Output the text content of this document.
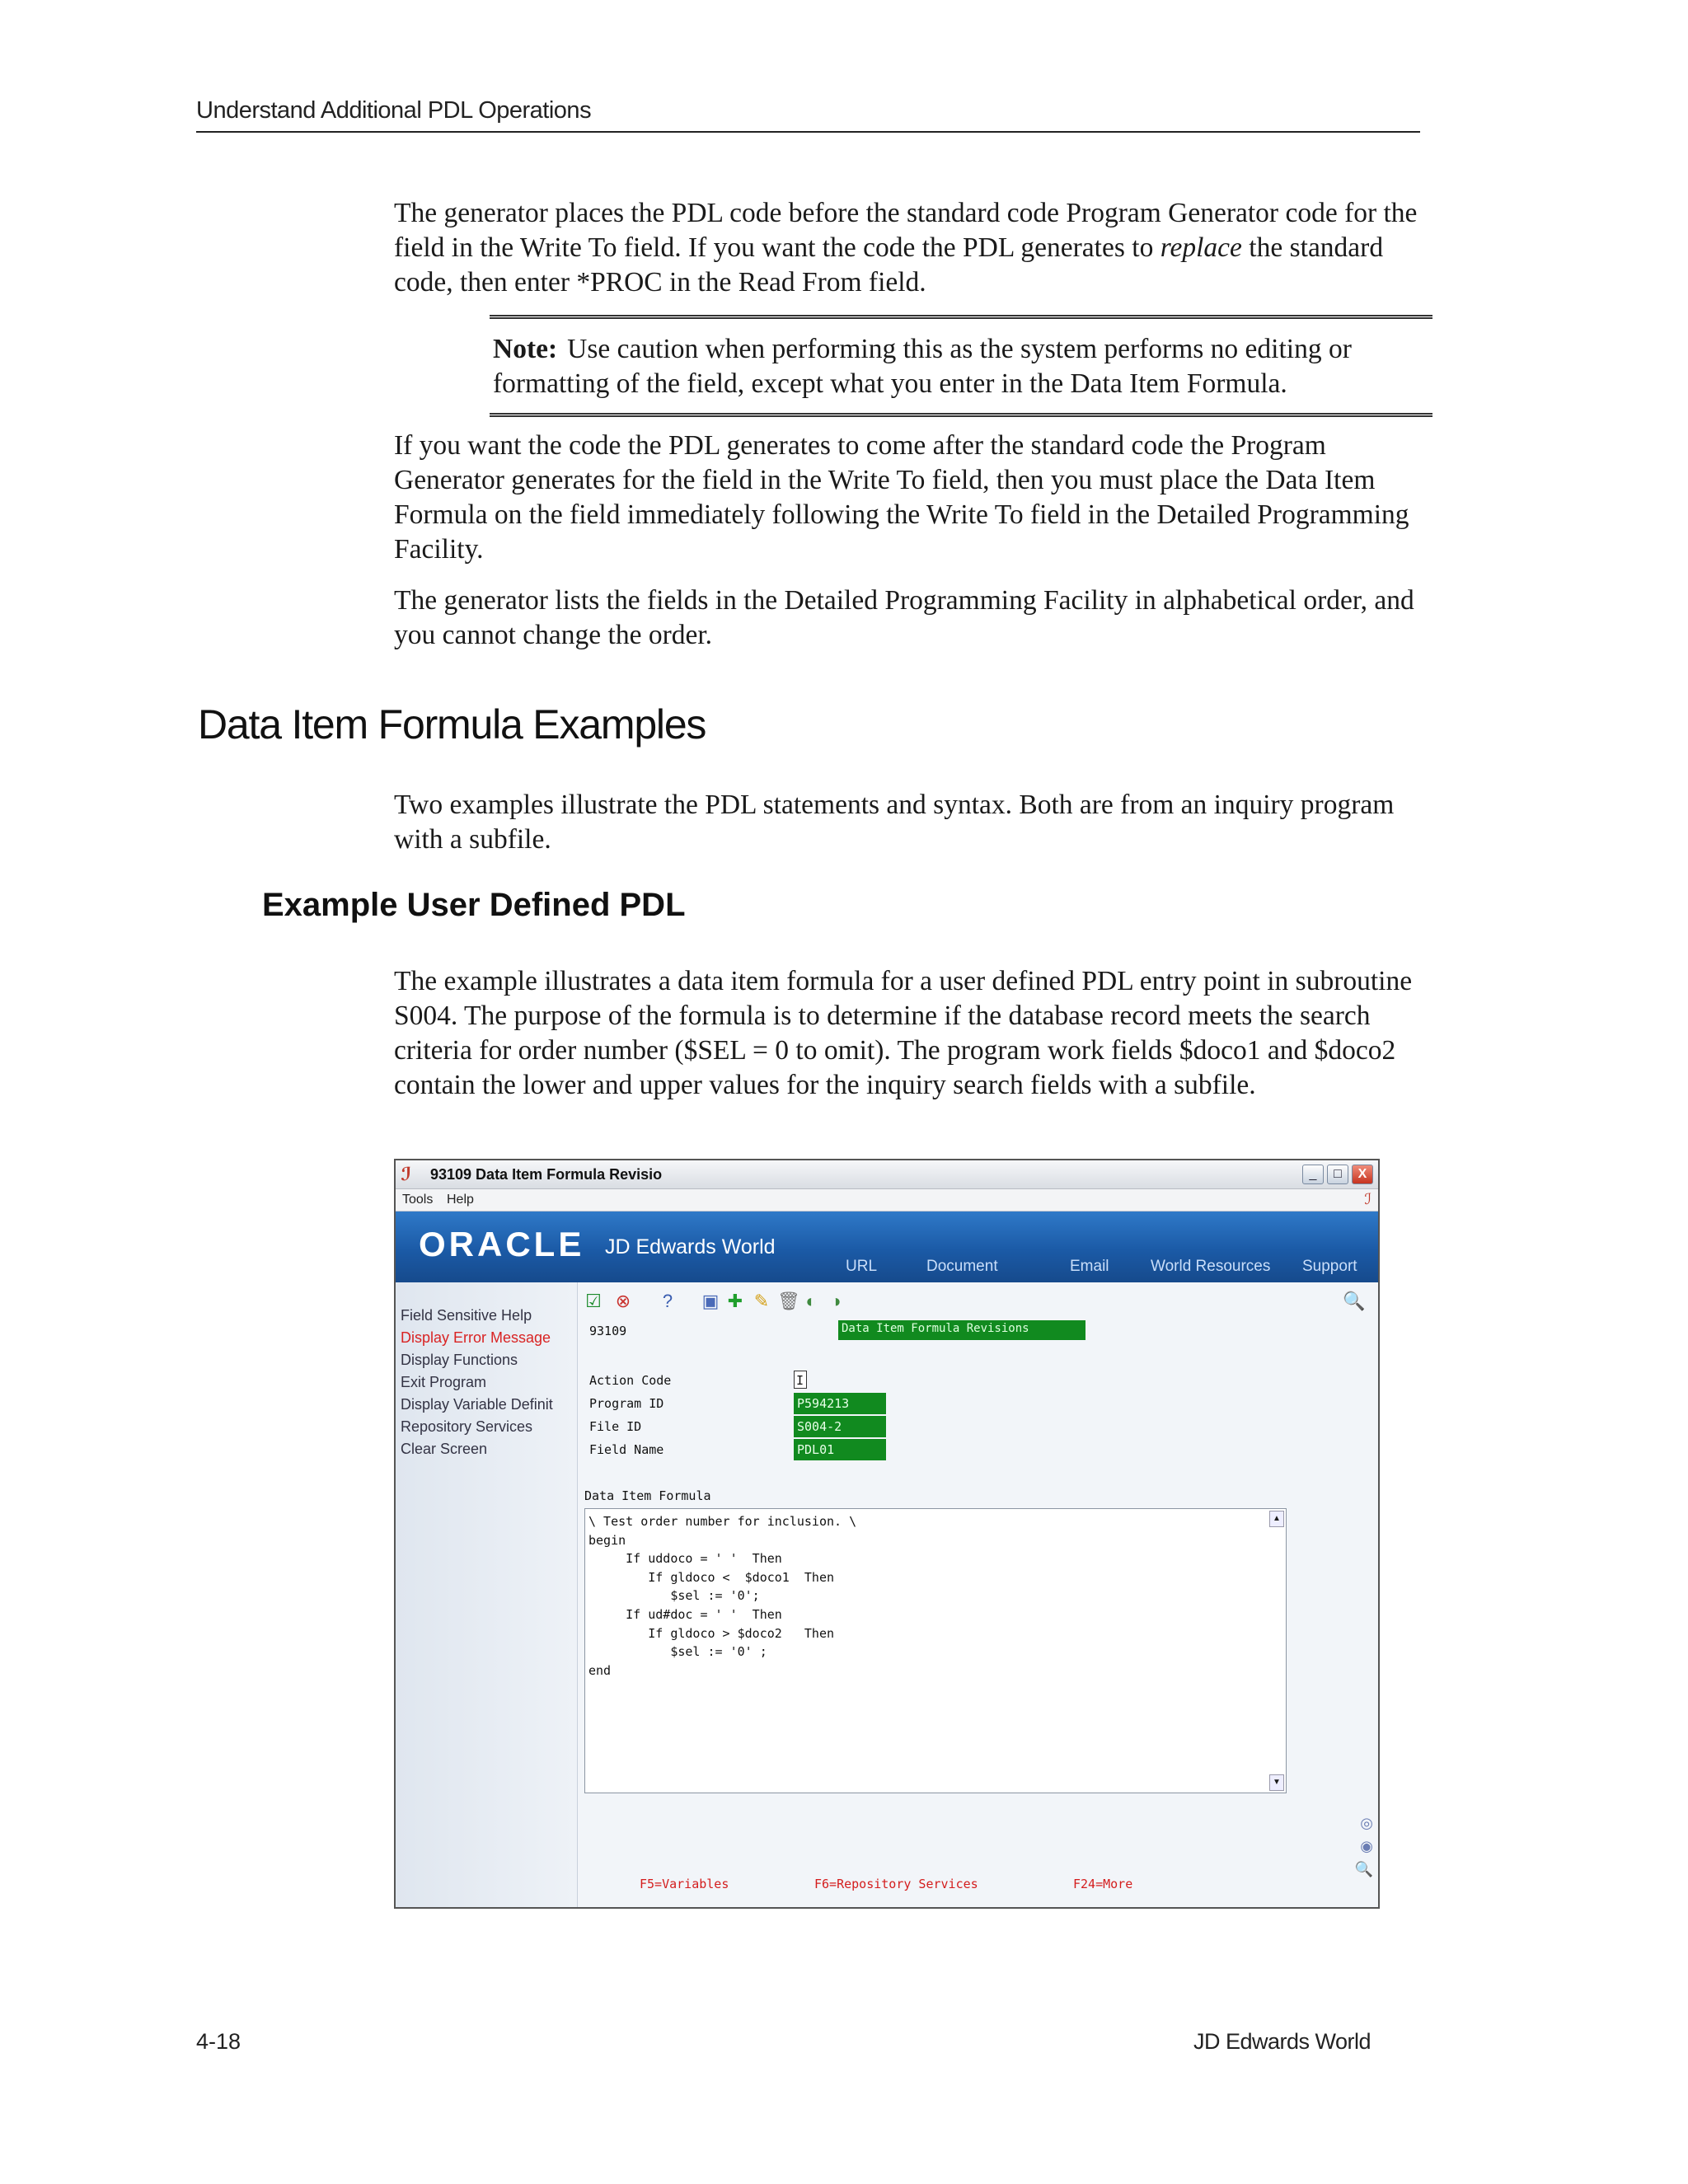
Understand Additional PDL Operations

The generator places the PDL code before the standard code Program Generator code for the field in the Write To field. If you want the code the PDL generates to replace the standard code, then enter *PROC in the Read From field.

Note: Use caution when performing this as the system performs no editing or formatting of the field, except what you enter in the Data Item Formula.

If you want the code the PDL generates to come after the standard code the Program Generator generates for the field in the Write To field, then you must place the Data Item Formula on the field immediately following the Write To field in the Detailed Programming Facility.

The generator lists the fields in the Detailed Programming Facility in alphabetical order, and you cannot change the order.

Data Item Formula Examples

Two examples illustrate the PDL statements and syntax. Both are from an inquiry program with a subfile.

Example User Defined PDL

The example illustrates a data item formula for a user defined PDL entry point in subroutine S004. The purpose of the formula is to determine if the database record meets the search criteria for order number ($SEL = 0 to omit). The program work fields $doco1 and $doco2 contain the lower and upper values for the inquiry search fields with a subfile.

ℐ 93109 Data Item Formula Revisio	_	□	X
Tools Help	ℐ
ORACLE JD Edwards World
URL	Document	Email	World Resources Support
Field Sensitive Help
Display Error Message
Display Functions
Exit Program
Display Variable Definit
Repository Services
Clear Screen
☑ ⊗	?	▣ ✚ ✎ 🗑 ◐ ◑	🔍
93109	Data Item Formula Revisions
Action Code	I
Program ID	P594213
File ID	S004-2
Field Name	PDL01
Data Item Formula
\ Test order number for inclusion. \
begin
If uddoco = ' '  Then
If gldoco <  $doco1  Then
$sel := '0';
If ud#doc = ' '  Then
If gldoco > $doco2   Then
$sel := '0' ;
end
▲
▼
◎
◉
🔍
F5=Variables	F6=Repository Services	F24=More
4-18	JD Edwards World
